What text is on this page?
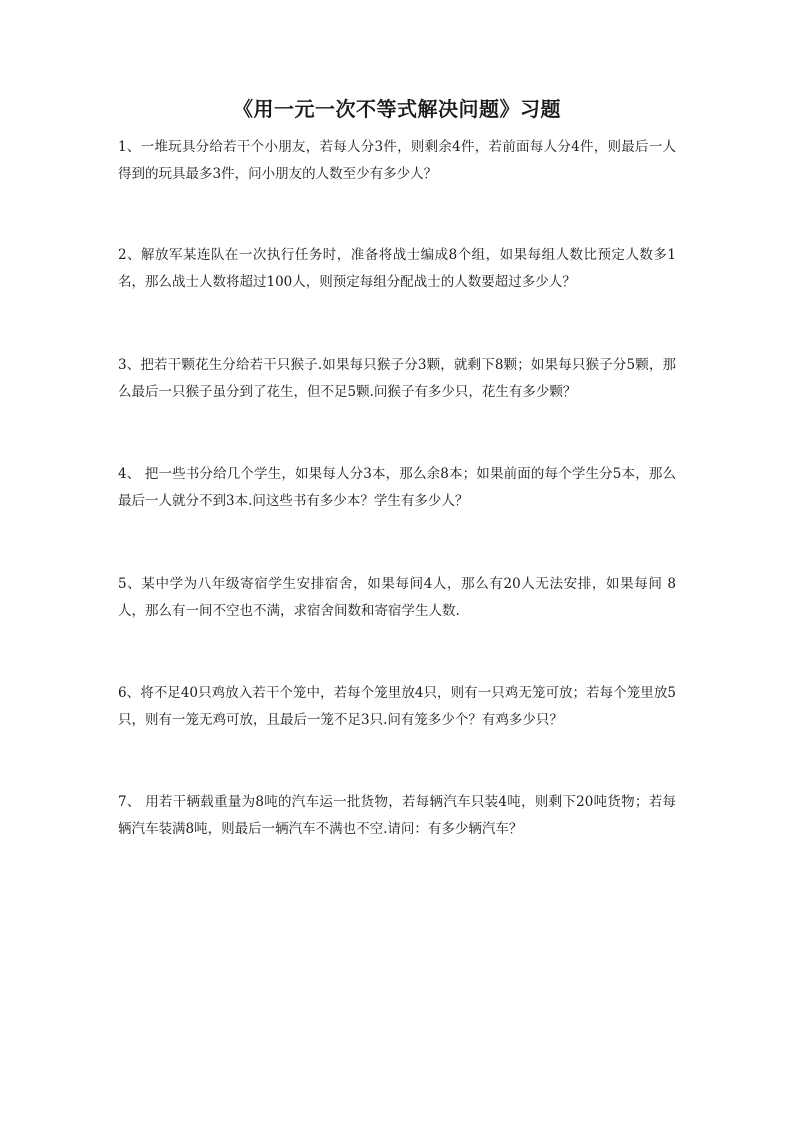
《用一元一次不等式解决问题》习题

1、一堆玩具分给若干个小朋友，若每人分3件，则剩余4件，若前面每人分4件，则最后一人得到的玩具最多3件，问小朋友的人数至少有多少人？

2、解放军某连队在一次执行任务时，准备将战士编成8个组，如果每组人数比预定人数多1名，那么战士人数将超过100人，则预定每组分配战士的人数要超过多少人？

3、把若干颗花生分给若干只猴子.如果每只猴子分3颗，就剩下8颗；如果每只猴子分5颗，那么最后一只猴子虽分到了花生，但不足5颗.问猴子有多少只，花生有多少颗？

4、 把一些书分给几个学生，如果每人分3本，那么余8本；如果前面的每个学生分5本，那么最后一人就分不到3本.问这些书有多少本？学生有多少人？

5、某中学为八年级寄宿学生安排宿舍，如果每间4人，那么有20人无法安排，如果每间 8人，那么有一间不空也不满，求宿舍间数和寄宿学生人数.

6、将不足40只鸡放入若干个笼中，若每个笼里放4只，则有一只鸡无笼可放；若每个笼里放5只，则有一笼无鸡可放，且最后一笼不足3只.问有笼多少个？有鸡多少只？

7、 用若干辆载重量为8吨的汽车运一批货物，若每辆汽车只装4吨，则剩下20吨货物；若每辆汽车装满8吨，则最后一辆汽车不满也不空.请问：有多少辆汽车？
